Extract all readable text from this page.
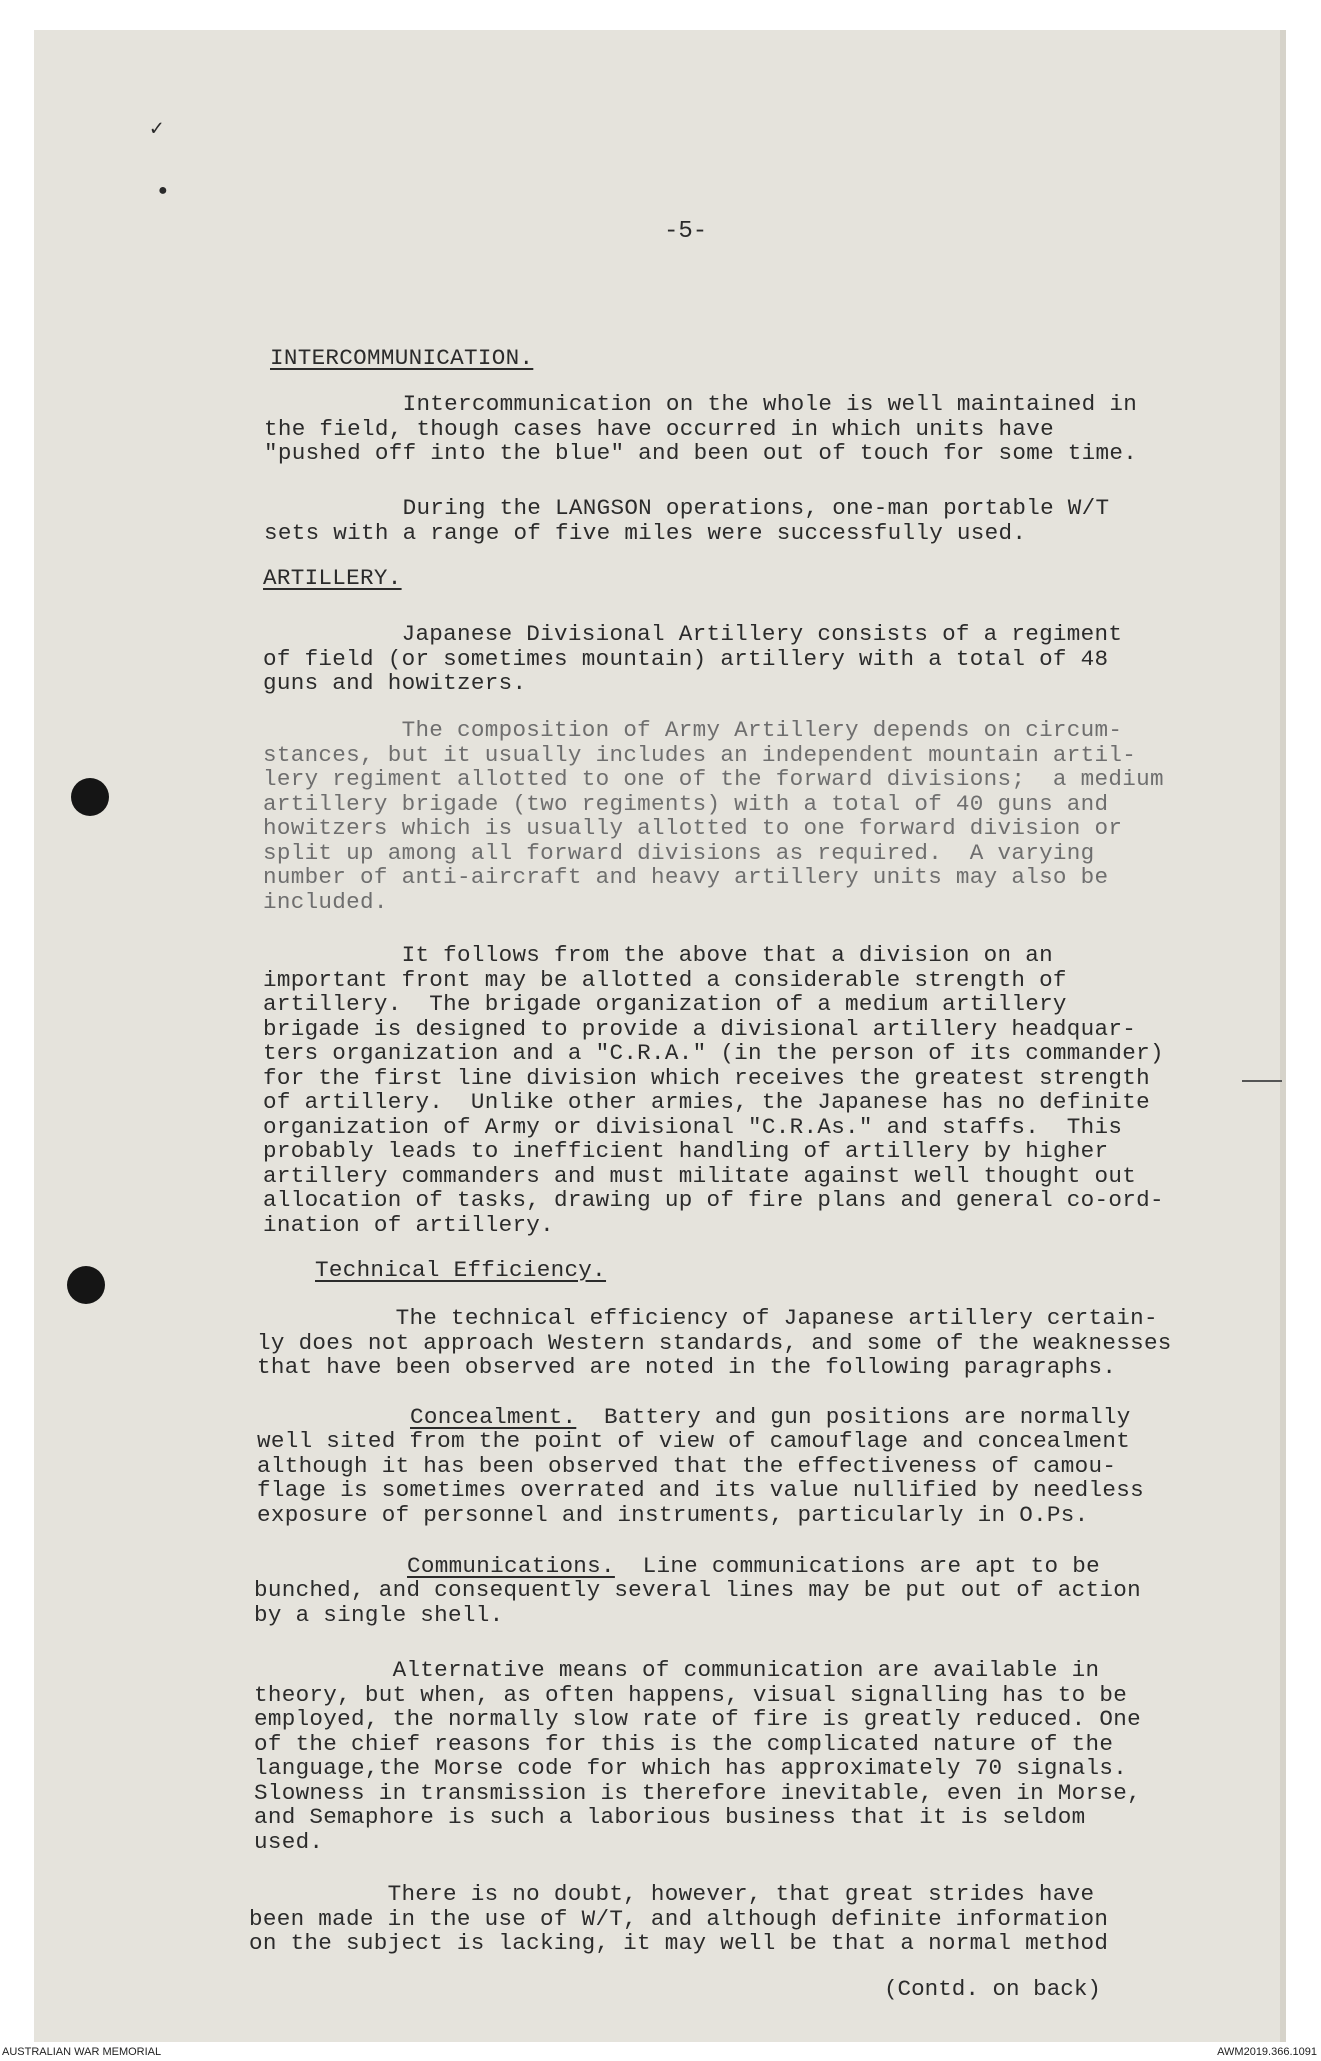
✓
●
-5-
INTERCOMMUNICATION.
Intercommunication on the whole is well maintained in
the field, though cases have occurred in which units have
"pushed off into the blue" and been out of touch for some time.
During the LANGSON operations, one-man portable W/T
sets with a range of five miles were successfully used.
ARTILLERY.
Japanese Divisional Artillery consists of a regiment
of field (or sometimes mountain) artillery with a total of 48
guns and howitzers.
The composition of Army Artillery depends on circum-
stances, but it usually includes an independent mountain artil-
lery regiment allotted to one of the forward divisions;  a medium
artillery brigade (two regiments) with a total of 40 guns and
howitzers which is usually allotted to one forward division or
split up among all forward divisions as required.  A varying
number of anti-aircraft and heavy artillery units may also be
included.
It follows from the above that a division on an
important front may be allotted a considerable strength of
artillery.  The brigade organization of a medium artillery
brigade is designed to provide a divisional artillery headquar-
ters organization and a "C.R.A." (in the person of its commander)
for the first line division which receives the greatest strength
of artillery.  Unlike other armies, the Japanese has no definite
organization of Army or divisional "C.R.As." and staffs.  This
probably leads to inefficient handling of artillery by higher
artillery commanders and must militate against well thought out
allocation of tasks, drawing up of fire plans and general co-ord-
ination of artillery.
Technical Efficiency.
The technical efficiency of Japanese artillery certain-
ly does not approach Western standards, and some of the weaknesses
that have been observed are noted in the following paragraphs.
Concealment.  Battery and gun positions are normally
well sited from the point of view of camouflage and concealment
although it has been observed that the effectiveness of camou-
flage is sometimes overrated and its value nullified by needless
exposure of personnel and instruments, particularly in O.Ps.
Communications.  Line communications are apt to be
bunched, and consequently several lines may be put out of action
by a single shell.
Alternative means of communication are available in
theory, but when, as often happens, visual signalling has to be
employed, the normally slow rate of fire is greatly reduced. One
of the chief reasons for this is the complicated nature of the
language,the Morse code for which has approximately 70 signals.
Slowness in transmission is therefore inevitable, even in Morse,
and Semaphore is such a laborious business that it is seldom
used.
There is no doubt, however, that great strides have
been made in the use of W/T, and although definite information
on the subject is lacking, it may well be that a normal method
(Contd. on back)
AUSTRALIAN WAR MEMORIAL	AWM2019.366.1091
